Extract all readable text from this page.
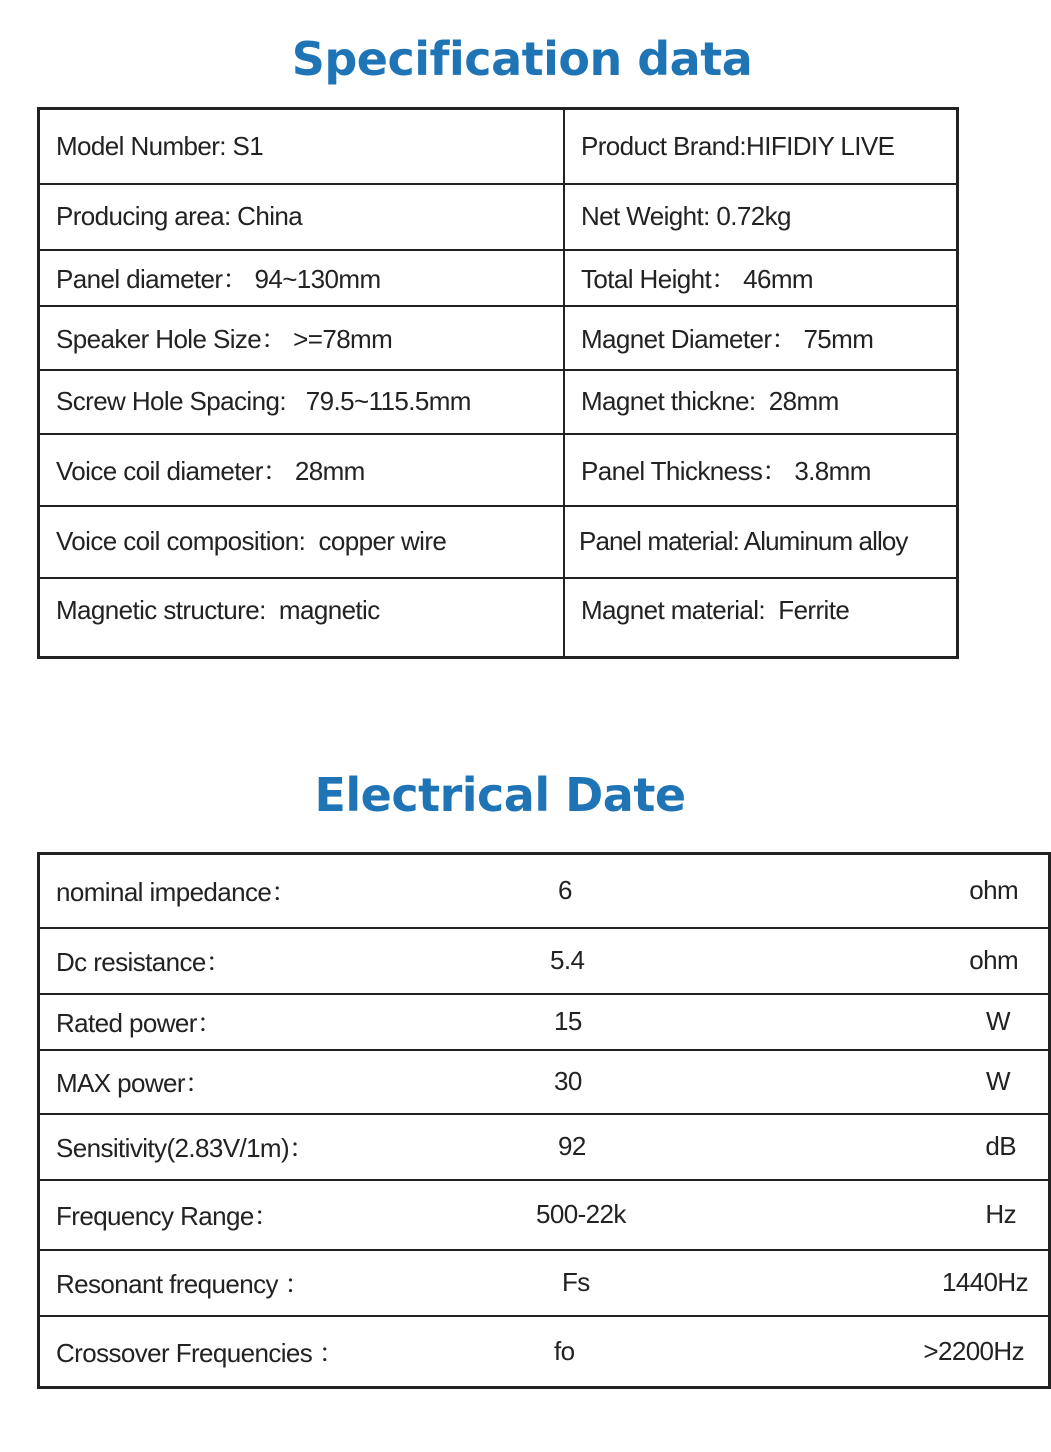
Specification data
Model Number: S1	Product Brand:HIFIDIY LIVE
Producing area: China	Net Weight: 0.72kg
Panel diameter： 94~130mm	Total Height： 46mm
Speaker Hole Size： >=78mm	Magnet Diameter： 75mm
Screw Hole Spacing:   79.5~115.5mm	Magnet thickne:  28mm
Voice coil diameter： 28mm	Panel Thickness： 3.8mm
Voice coil composition:  copper wire	Panel material: Aluminum alloy
Magnetic structure:  magnetic	Magnet material:  Ferrite
Electrical Date
nominal impedance：	6	ohm
Dc resistance：	5.4	ohm
Rated power：	15	W
MAX power：	30	W
Sensitivity(2.83V/1m)：	92	dB
Frequency Range：	500-22k	Hz
Resonant frequency ：	Fs	1440Hz
Crossover Frequencies ：	fo	>2200Hz
